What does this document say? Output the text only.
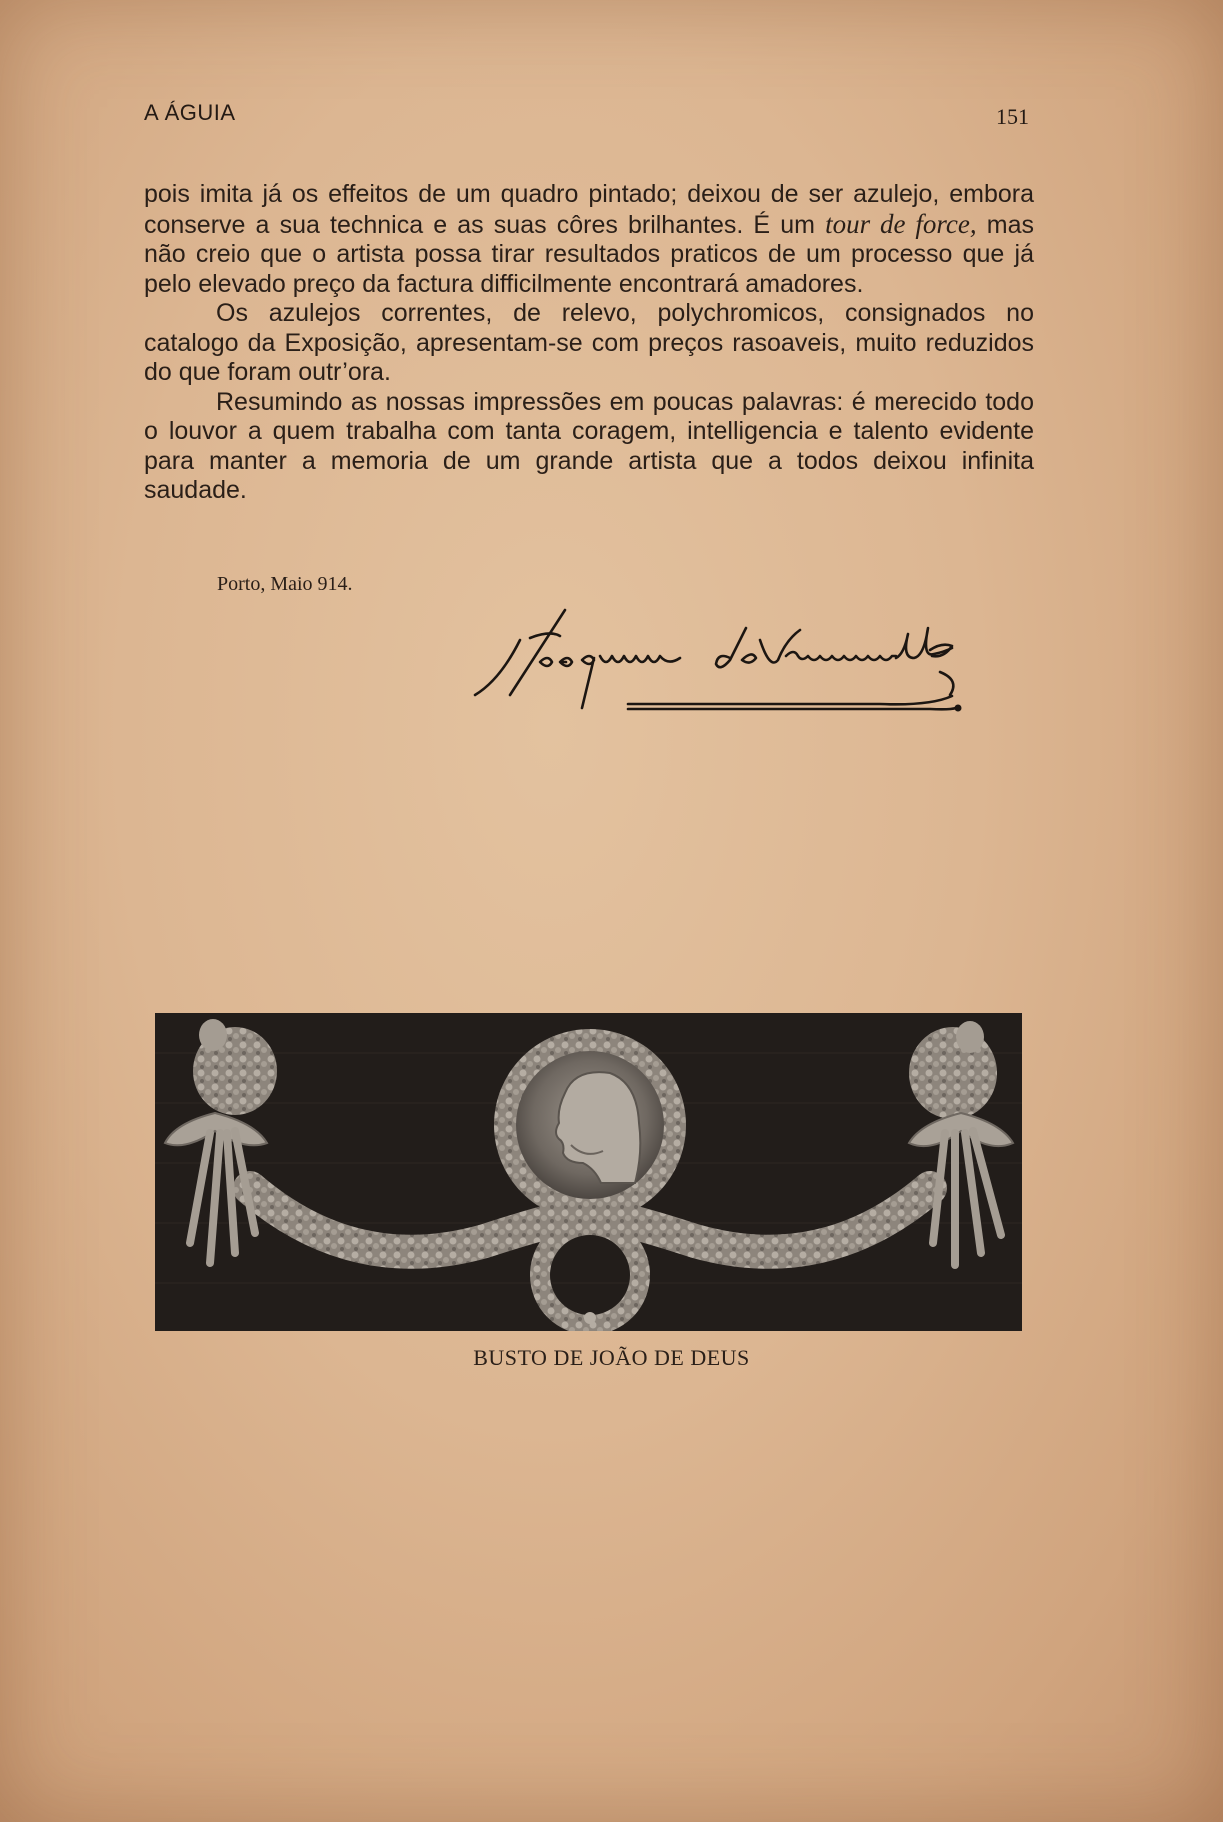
A ÁGUIA	151

pois imita já os effeitos de um quadro pintado; deixou de ser azulejo, embora conserve a sua technica e as suas côres brilhantes. É um tour de force, mas não creio que o artista possa tirar resultados praticos de um processo que já pelo elevado preço da factura difficilmente encontrará amadores.

Os azulejos correntes, de relevo, polychromicos, consignados no catalogo da Exposição, apresentam-se com preços rasoaveis, muito reduzidos do que foram outr’ora.

Resumindo as nossas impressões em poucas palavras: é merecido todo o louvor a quem trabalha com tanta coragem, intelligencia e talento evidente para manter a memoria de um grande artista que a todos deixou infinita saudade.

Porto, Maio 914.
BUSTO DE JOÃO DE DEUS
